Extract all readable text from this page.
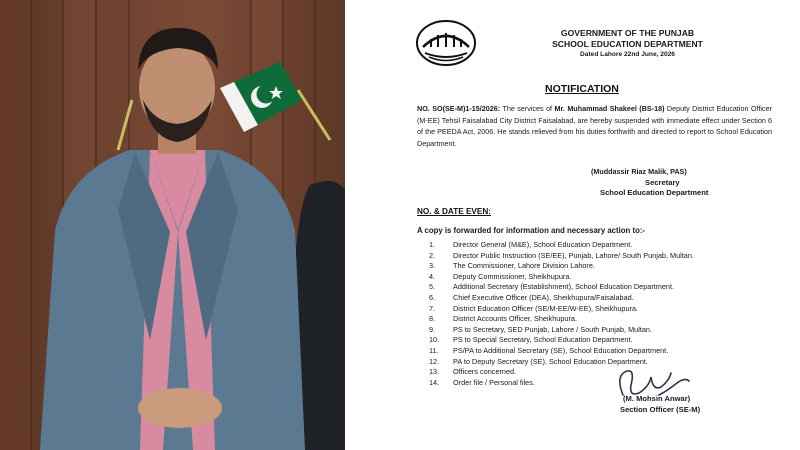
GOVERNMENT OF THE PUNJAB
SCHOOL EDUCATION DEPARTMENT
Dated Lahore 22nd June, 2026
NOTIFICATION
NO. SO(SE-M)1-15/2026: The services of Mr. Muhammad Shakeel (BS-18) Deputy District Education Officer (M-EE) Tehsil Faisalabad City District Faisalabad, are hereby suspended with immediate effect under Section 6 of the PEEDA Act, 2006. He stands relieved from his duties forthwith and directed to report to School Education Department.
(Muddassir Riaz Malik, PAS)
Secretary
School Education Department
NO. & DATE EVEN:
A copy is forwarded for information and necessary action to:-
1. Director General (M&E), School Education Department.
2. Director Public Instruction (SE/EE), Punjab, Lahore/ South Punjab, Multan.
3. The Commissioner, Lahore Division Lahore.
4. Deputy Commissioner, Sheikhupura.
5. Additional Secretary (Establishment), School Education Department.
6. Chief Executive Officer (DEA), Sheikhupura/Faisalabad.
7. District Education Officer (SE/M-EE/W-EE), Sheikhupura.
8. District Accounts Officer, Sheikhupura.
9. PS to Secretary, SED Punjab, Lahore / South Punjab, Multan.
10. PS to Special Secretary, School Education Department.
11. PS/PA to Additional Secretary (SE), School Education Department.
12. PA to Deputy Secretary (SE), School Education Department.
13. Officers concerned.
14. Order file / Personal files.
(M. Mohsin Anwar)
Section Officer (SE-M)
